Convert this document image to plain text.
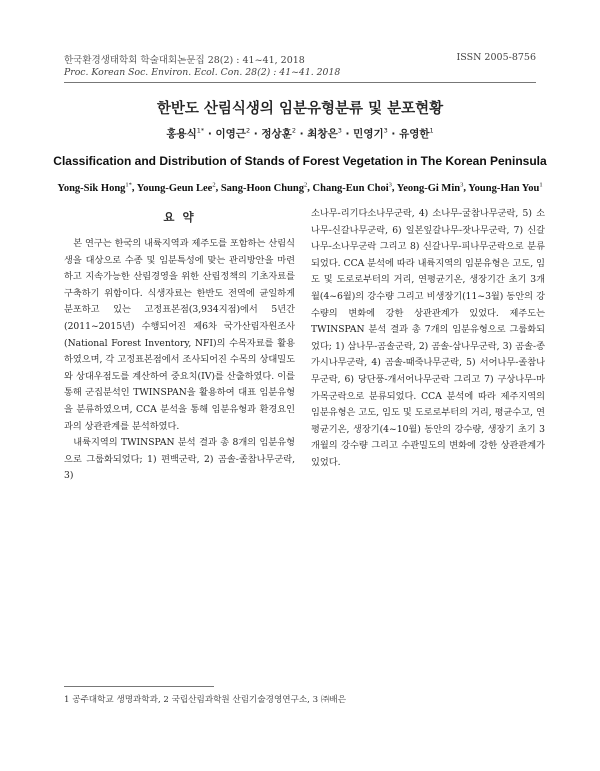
한국환경생태학회 학술대회논문집 28(2) : 41~41, 2018
Proc. Korean Soc. Environ. Ecol. Con. 28(2) : 41~41. 2018
ISSN 2005-8756
한반도 산림식생의 임분유형분류 및 분포현황
홍용식$^{1*}$ · 이영근$^2$ · 정상훈$^2$ · 최창은$^3$ · 민영기$^3$ · 유영한$^1$
Classification and Distribution of Stands of Forest Vegetation in The Korean Peninsula
Yong-Sik Hong$^{1*}$, Young-Geun Lee$^2$, Sang-Hoon Chung$^2$, Chang-Eun Choi$^3$, Yeong-Gi Min$^3$, Young-Han You$^1$
요 약

본 연구는 한국의 내륙지역과 제주도를 포함하는 산림식생을 대상으로 수종 및 임분특성에 맞는 관리방안을 마련하고 지속가능한 산림경영을 위한 산림정책의 기초자료를 구축하기 위함이다. 식생자료는 한반도 전역에 균일하게 분포하고 있는 고정표본점(3,934지점)에서 5년간(2011~2015년) 수행되어진 제6차 국가산림자원조사(National Forest Inventory, NFI)의 수목자료를 활용하였으며, 각 고정표본점에서 조사되어진 수목의 상대밀도와 상대우점도를 계산하여 중요치(IV)를 산출하였다. 이를 통해 군집분석인 TWINSPAN을 활용하여 대표 임분유형을 분류하였으며, CCA 분석을 통해 임분유형과 환경요인과의 상관관계를 분석하였다.

내륙지역의 TWINSPAN 분석 결과 총 8개의 임분유형으로 그룹화되었다; 1) 편백군락, 2) 곰솔-졸참나무군락, 3)

소나무-리기다소나무군락, 4) 소나무-굴참나무군락, 5) 소나무-신갈나무군락, 6) 일본잎갈나무-잣나무군락, 7) 신갈나무-소나무군락 그리고 8) 신갈나무-피나무군락으로 분류되었다. CCA 분석에 따라 내륙지역의 임분유형은 고도, 임도 및 도로로부터의 거리, 연평균기온, 생장기간 초기 3개월(4~6월)의 강수량 그리고 비생장기(11~3월) 동안의 강수량의 변화에 강한 상관관계가 있었다. 제주도는 TWINSPAN 분석 결과 총 7개의 임분유형으로 그룹화되었다; 1) 삼나무-곰솔군락, 2) 곰솔-삼나무군락, 3) 곰솔-종가시나무군락, 4) 곰솔-때죽나무군락, 5) 서어나무-졸참나무군락, 6) 당단풍-개서어나무군락 그리고 7) 구상나무-마가목군락으로 분류되었다. CCA 분석에 따라 제주지역의 임분유형은 고도, 임도 및 도로로부터의 거리, 평균수고, 연평균기온, 생장기(4~10월) 동안의 강수량, 생장기 초기 3개월의 강수량 그리고 수관밀도의 변화에 강한 상관관계가 있었다.

1 공주대학교 생명과학과, 2 국립산림과학원 산림기술경영연구소, 3 ㈜배은
